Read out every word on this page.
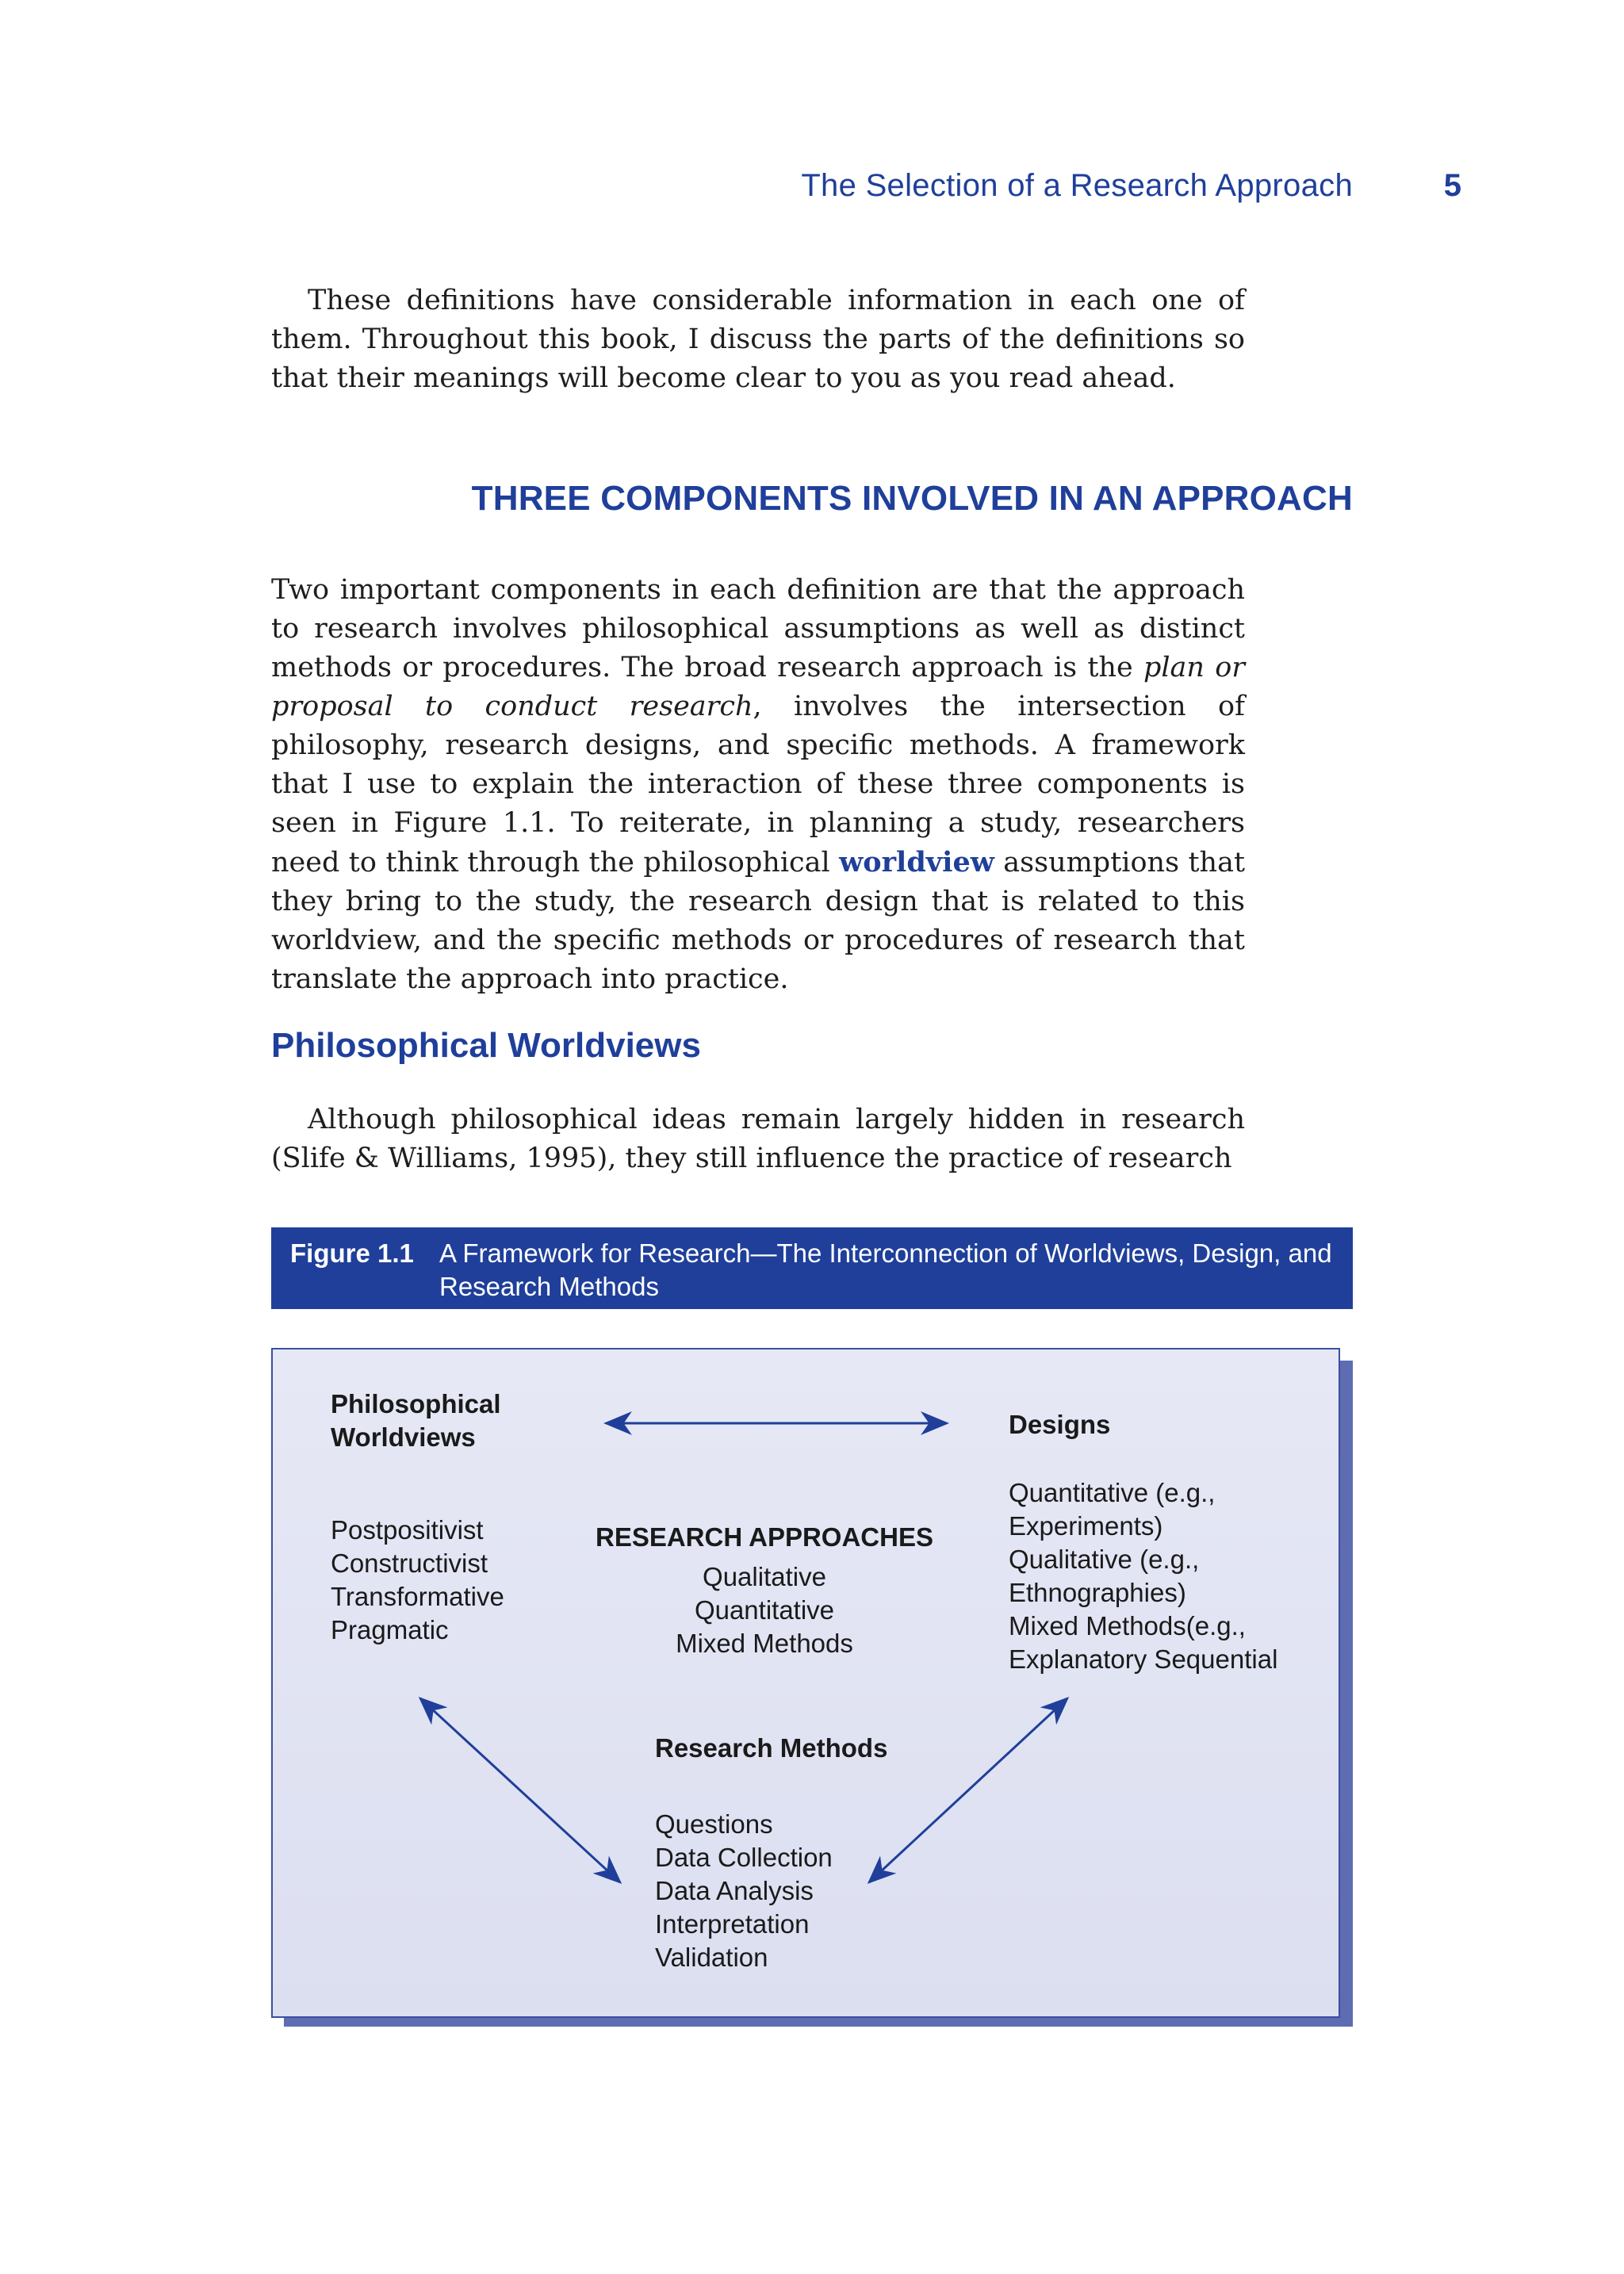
The Selection of a Research Approach	5

These definitions have considerable information in each one of them. Throughout this book, I discuss the parts of the definitions so that their meanings will become clear to you as you read ahead.

THREE COMPONENTS INVOLVED IN AN APPROACH

Two important components in each definition are that the approach to research involves philosophical assumptions as well as distinct methods or procedures. The broad research approach is the plan or proposal to conduct research, involves the intersection of philosophy, research designs, and specific methods. A framework that I use to explain the interaction of these three components is seen in Figure 1.1. To reiterate, in planning a study, researchers need to think through the philosophical worldview assumptions that they bring to the study, the research design that is related to this worldview, and the specific methods or procedures of research that translate the approach into practice.

Philosophical Worldviews

Although philosophical ideas remain largely hidden in research (Slife & Williams, 1995), they still influence the practice of research

Figure 1.1 A Framework for Research—The Interconnection of Worldviews, Design, and Research Methods
Philosophical
Worldviews
Postpositivist
Constructivist
Transformative
Pragmatic
Designs
Quantitative (e.g.,
Experiments)
Qualitative (e.g.,
Ethnographies)
Mixed Methods(e.g.,
Explanatory Sequential
RESEARCH APPROACHES
Qualitative
Quantitative
Mixed Methods
Research Methods
Questions
Data Collection
Data Analysis
Interpretation
Validation
